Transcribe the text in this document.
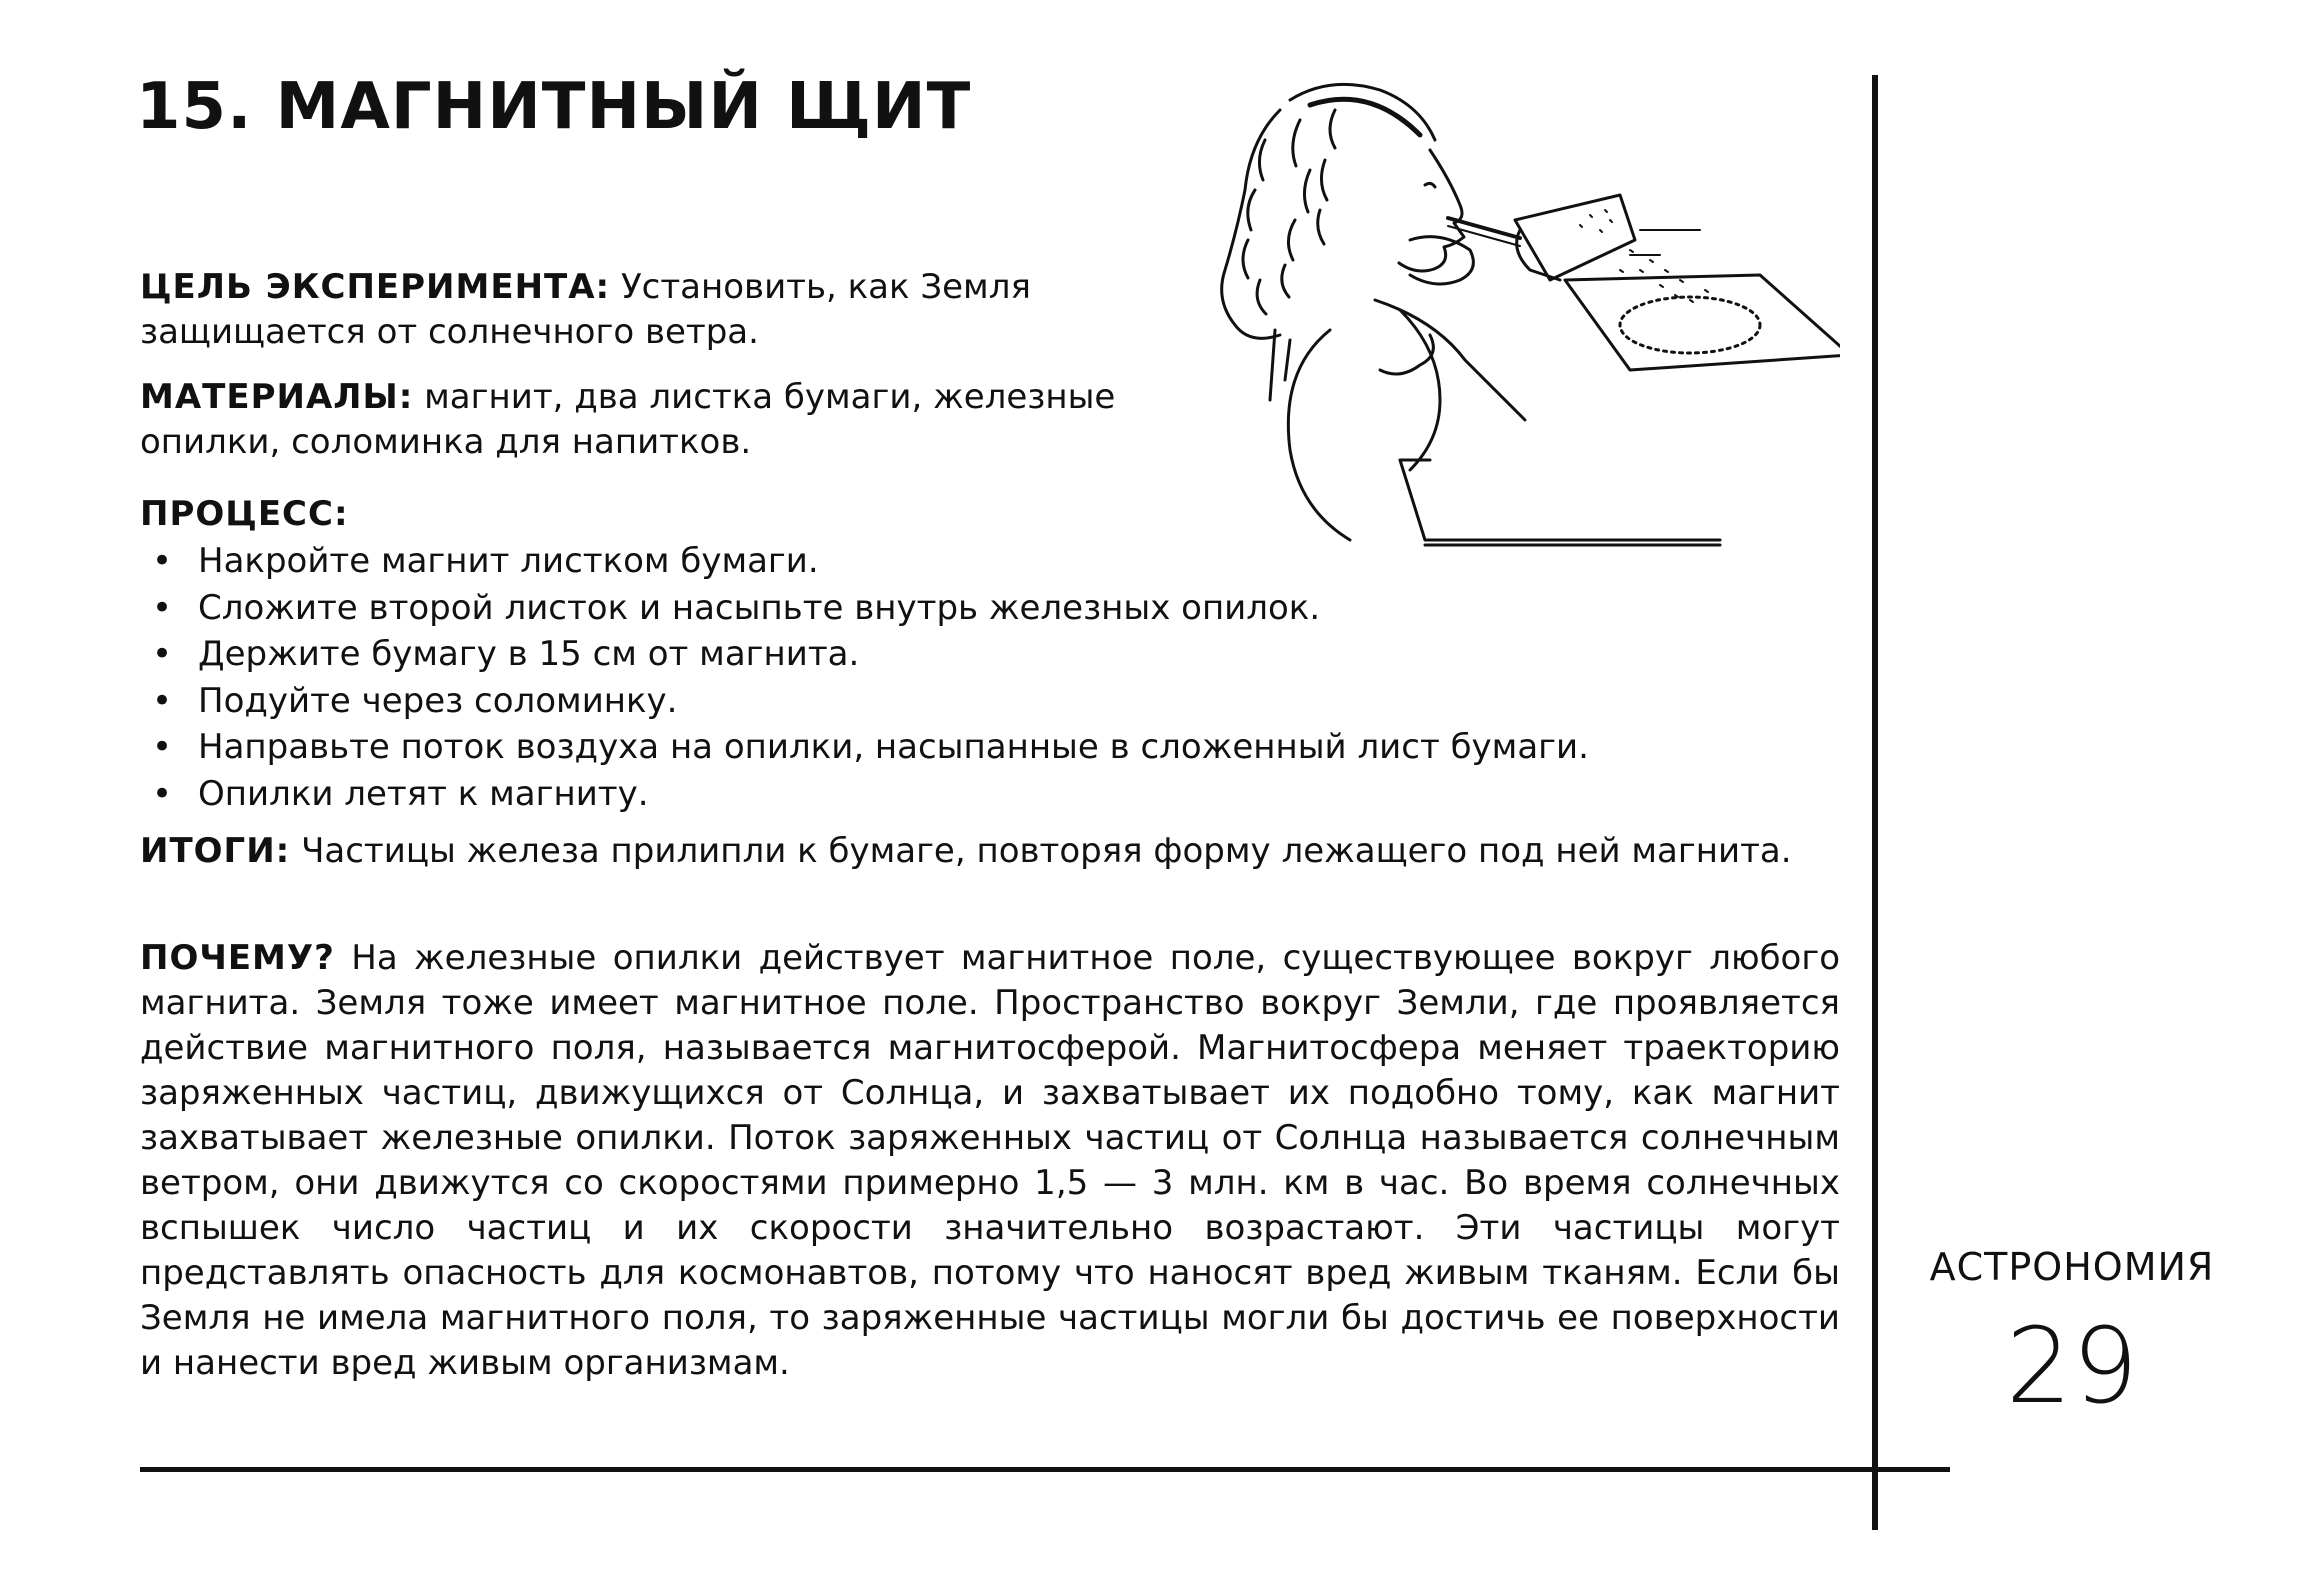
15. МАГНИТНЫЙ ЩИТ

ЦЕЛЬ ЭКСПЕРИМЕНТА: Установить, как Земля защищается от солнечного ветра.

МАТЕРИАЛЫ: магнит, два листка бумаги, железные опилки, соломинка для напитков.

ПРОЦЕСС:

• Накройте магнит листком бумаги.
• Сложите второй листок и насыпьте внутрь железных опилок.
• Держите бумагу в 15 см от магнита.
• Подуйте через соломинку.
• Направьте поток воздуха на опилки, насыпанные в сложенный лист бумаги.
• Опилки летят к магниту.

ИТОГИ: Частицы железа прилипли к бумаге, повторяя форму лежащего под ней магнита.

ПОЧЕМУ? На железные опилки действует магнитное поле, существующее вокруг любого магнита. Земля тоже имеет магнитное поле. Пространство вокруг Земли, где проявляется действие магнитного поля, называется магнитосферой. Магнитосфера меняет траекторию заряженных частиц, движущихся от Солнца, и захватывает их подобно тому, как магнит захватывает железные опилки. Поток заряженных частиц от Солнца называется солнечным ветром, они движутся со скоростями примерно 1,5 — 3 млн. км в час. Во время солнечных вспышек число частиц и их скорости значительно возрастают. Эти частицы могут представлять опасность для космонавтов, потому что наносят вред живым тканям. Если бы Земля не имела магнитного поля, то заряженные частицы могли бы достичь ее поверхности и нанести вред живым организмам.

АСТРОНОМИЯ
29
